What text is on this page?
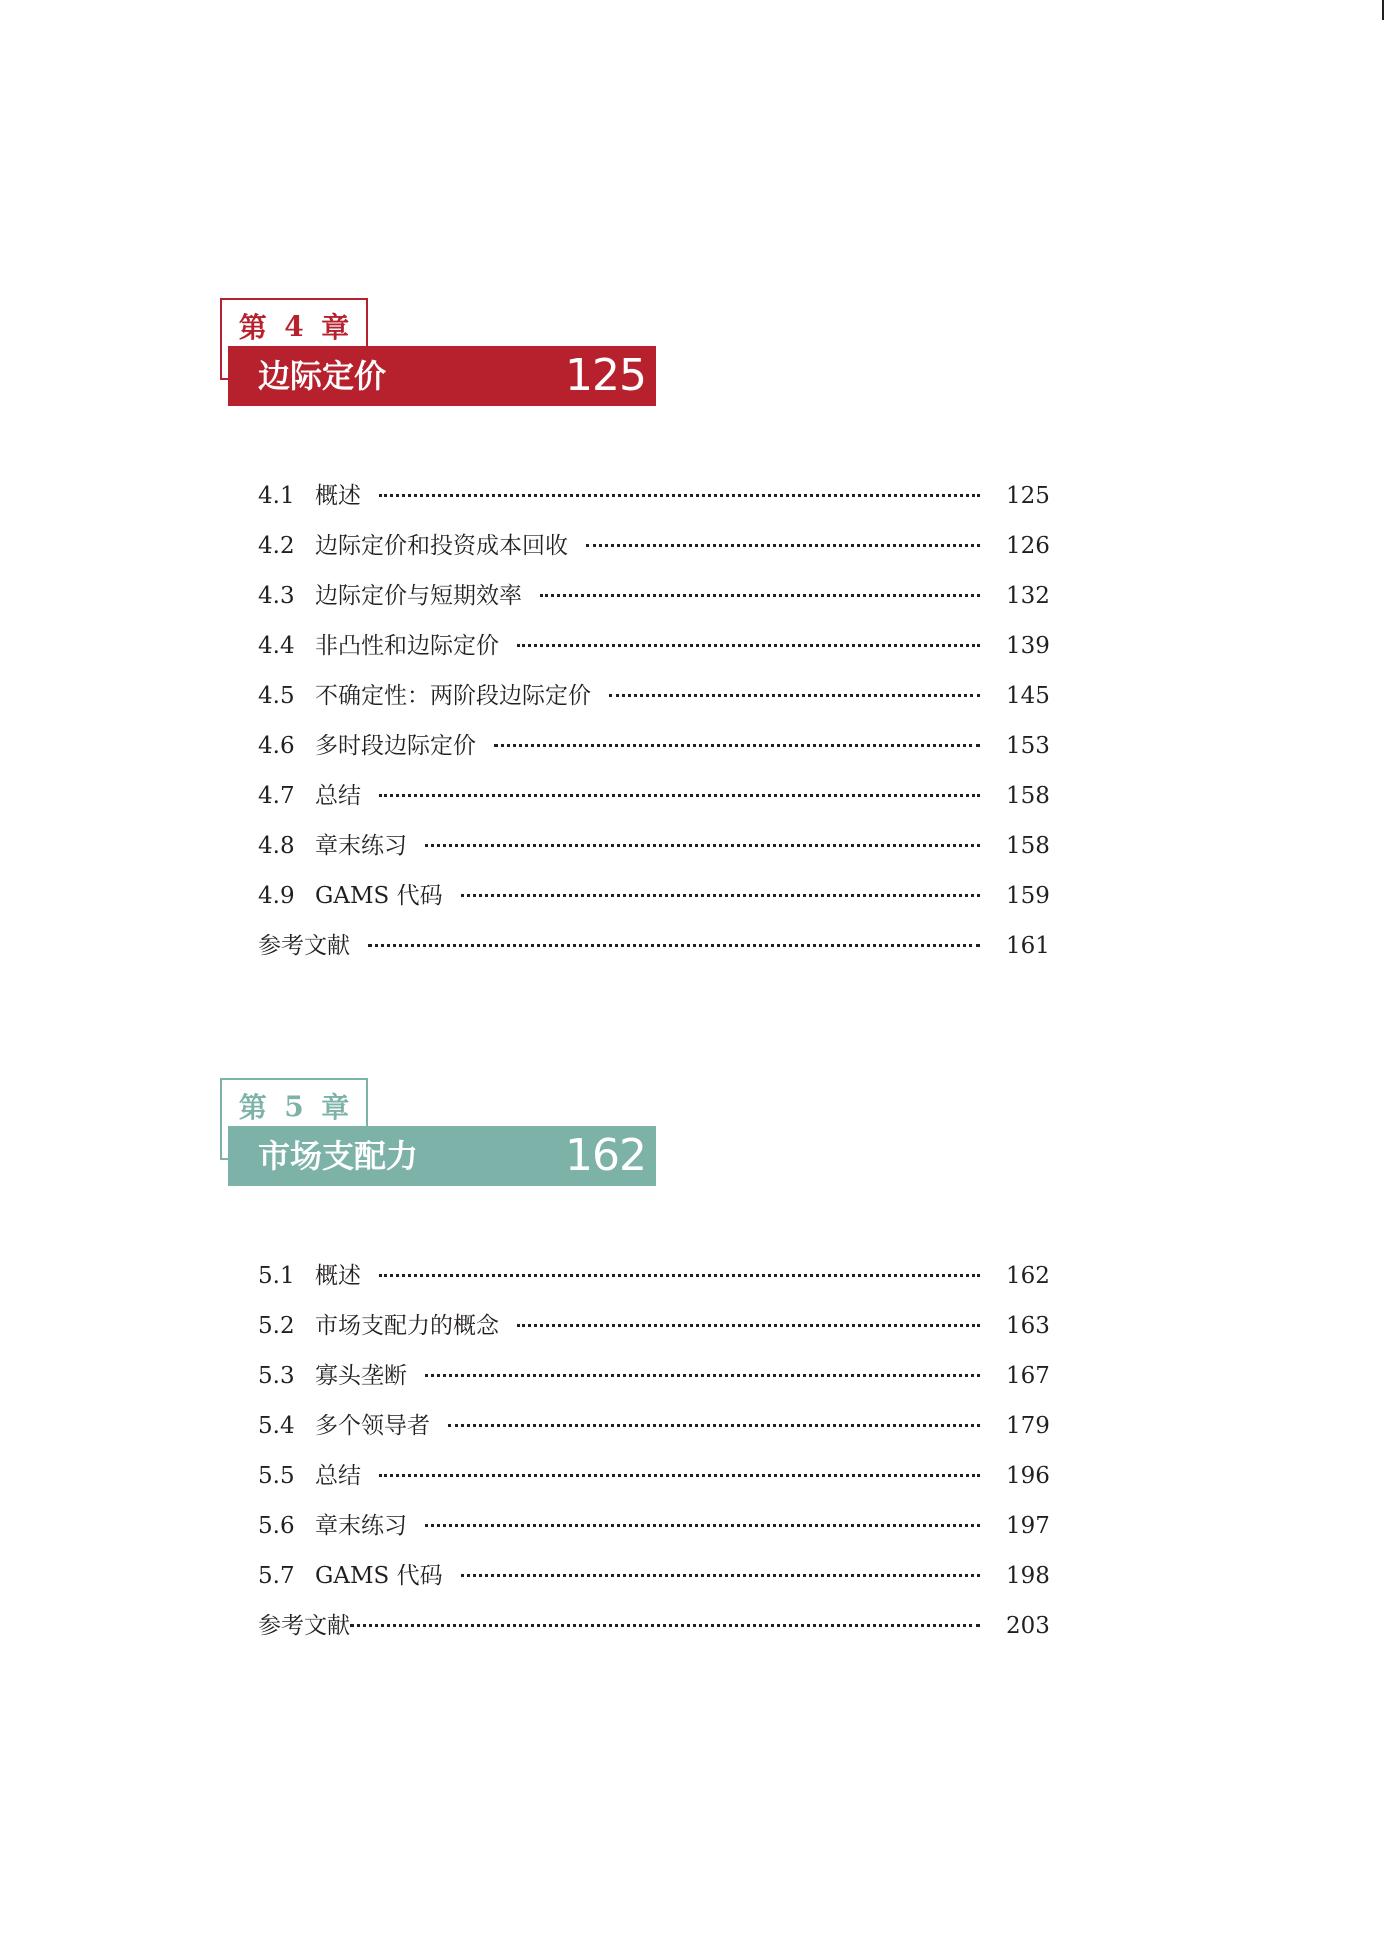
第 4 章
边际定价	125
4.1 概述	125
4.2 边际定价和投资成本回收	126
4.3 边际定价与短期效率	132
4.4 非凸性和边际定价	139
4.5 不确定性：两阶段边际定价	145
4.6 多时段边际定价	153
4.7 总结	158
4.8 章末练习	158
4.9 GAMS 代码	159
参考文献	161
第 5 章
市场支配力	162
5.1 概述	162
5.2 市场支配力的概念	163
5.3 寡头垄断	167
5.4 多个领导者	179
5.5 总结	196
5.6 章末练习	197
5.7 GAMS 代码	198
参考文献	203
